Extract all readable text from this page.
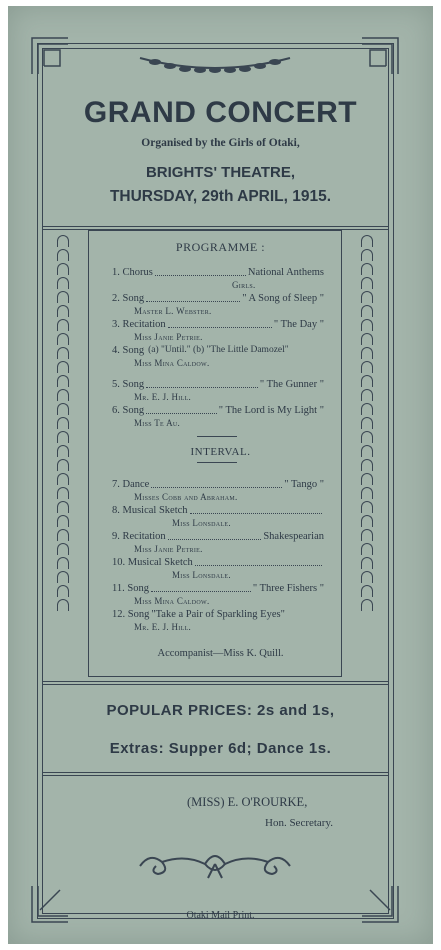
GRAND CONCERT
Organised by the Girls of Otaki,
BRIGHTS' THEATRE,
THURSDAY, 29th APRIL, 1915.
PROGRAMME :
1.
Chorus	National Anthems
Girls.
2.
Song	" A Song of Sleep "
Master L. Webster.
3.
Recitation	" The Day "
Miss Janie Petrie.
4.
Song (a) "Until." (b) "The Little Damozel"
Miss Mina Caldow.
5.
Song	" The Gunner "
Mr. E. J. Hill.
6.
Song	" The Lord is My Light "
Miss Te Au.
INTERVAL.
7.
Dance	" Tango "
Misses Cobb and Abraham.
8.
Musical Sketch
Miss Lonsdale.
9.
Recitation	Shakespearian
Miss Janie Petrie.
10.
Musical Sketch
Miss Lonsdale.
11.
Song	" Three Fishers "
Miss Mina Caldow.
12.
Song "Take a Pair of Sparkling Eyes"
Mr. E. J. Hill.
Accompanist—Miss K. Quill.
POPULAR PRICES: 2s and 1s,
Extras: Supper 6d; Dance 1s.
(MISS) E. O'ROURKE,
Hon. Secretary.
Otaki Mail Print.
